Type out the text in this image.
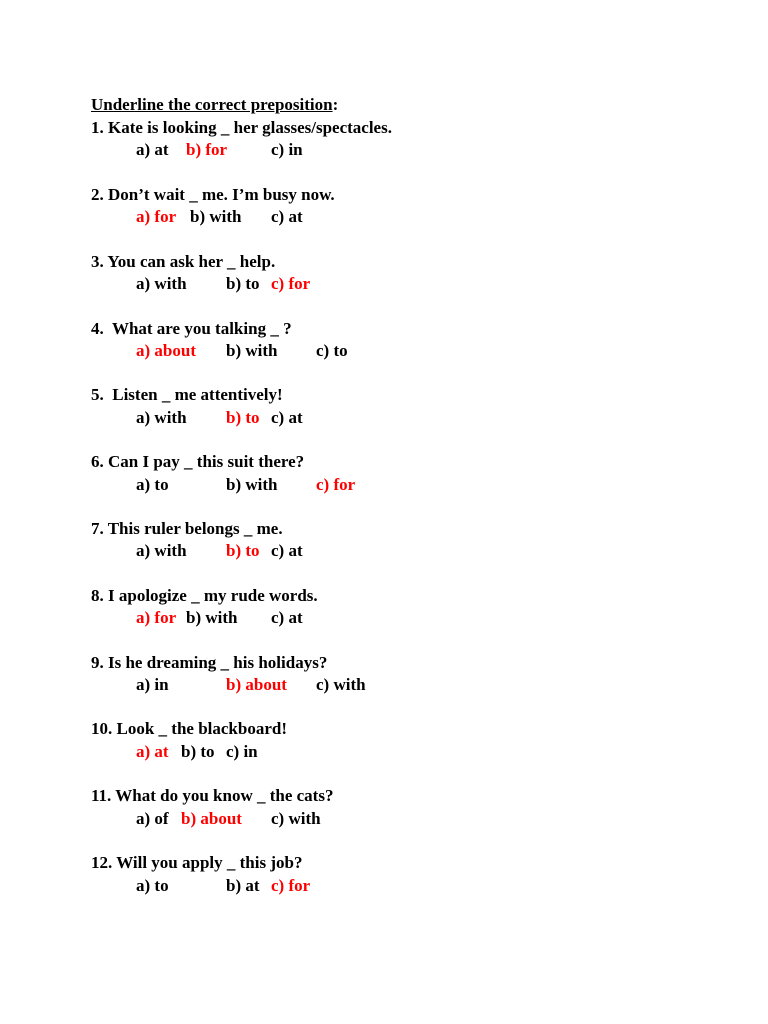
Underline the correct preposition:
1. Kate is looking _ her glasses/spectacles.

a) at

b) for

	c) in

2. Don’t wait _ me. I’m busy now.

a) for

b) with

c) at

3. You can ask her _ help.

a) with

b) to

c) for

4.  What are you talking _ ?

a) about

b) with

c) to

5.  Listen _ me attentively!

a) with

b) to

c) at

6. Can I pay _ this suit there?

a) to

	b) with

c) for

7. This ruler belongs _ me.

a) with

b) to

c) at

8. I apologize _ my rude words.

a) for

b) with

c) at

9. Is he dreaming _ his holidays?

a) in

	b) about

c) with

10. Look _ the blackboard!

a) at

b) to

c) in

11. What do you know _ the cats?

a) of

b) about

c) with

12. Will you apply _ this job?

a) to

	b) at

c) for
